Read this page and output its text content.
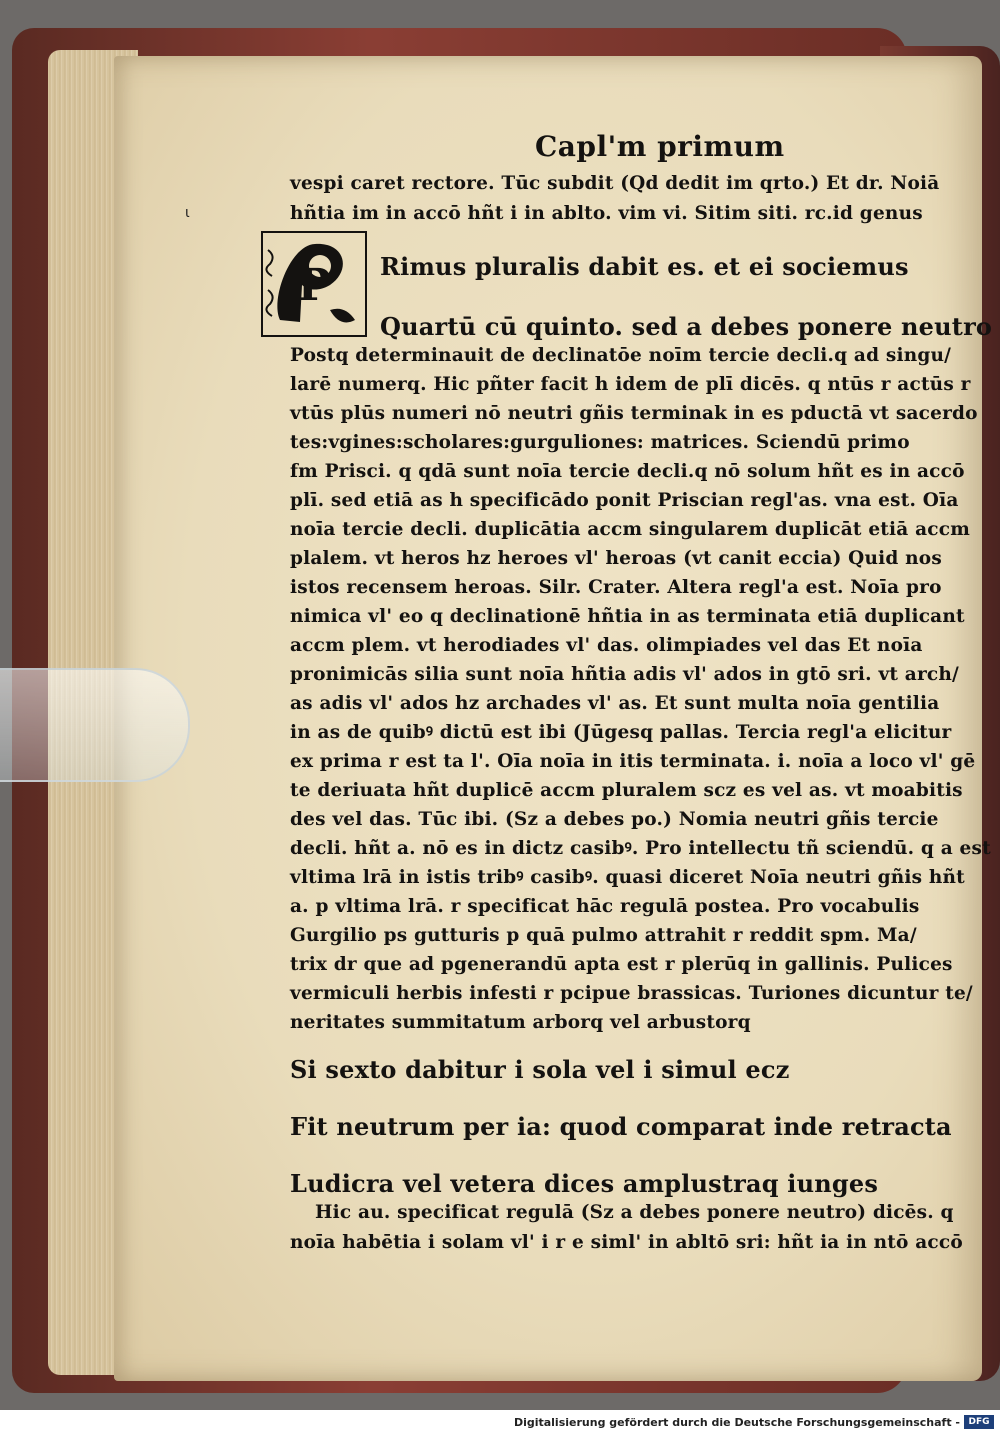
ɩ
Capl'm primum
P
vespi caret rectore. Tūc subdit (Qd dedit im qrto.) Et dr. Noiā
hñtia im in accō hñt i in ablto. vim vi. Sitim siti. rc.id genus
Rimus pluralis dabit es. et ei sociemus
Quartū cū quinto. sed a debes ponere neutro
Postq determinauit de declinatōe noīm tercie decli.q ad singu/
larē numerq. Hic pñter facit h idem de plī dicēs. q ntūs r actūs r
vtūs plūs numeri nō neutri gñis terminak in es pductā vt sacerdo
tes:vgines:scholares:gurguliones: matrices. Sciendū primo
fm Prisci. q qdā sunt noīa tercie decli.q nō solum hñt es in accō
plī. sed etiā as h specificādo ponit Priscian regl'as. vna est. Oīa
noīa tercie decli. duplicātia accm singularem duplicāt etiā accm
plalem. vt heros hz heroes vl' heroas (vt canit eccia) Quid nos
istos recensem heroas. Silr. Crater. Altera regl'a est. Noīa pro
nimica vl' eo q declinationē hñtia in as terminata etiā duplicant
accm plem. vt herodiades vl' das. olimpiades vel das Et noīa
pronimicās silia sunt noīa hñtia adis vl' ados in gtō sri. vt arch/
as adis vl' ados hz archades vl' as. Et sunt multa noīa gentilia
in as de quibꝰ dictū est ibi (Jūgesq pallas. Tercia regl'a elicitur
ex prima r est ta l'. Oīa noīa in itis terminata. i. noīa a loco vl' gē
te deriuata hñt duplicē accm pluralem scz es vel as. vt moabitis
des vel das. Tūc ibi. (Sz a debes po.) Nomia neutri gñis tercie
decli. hñt a. nō es in dictz casibꝰ. Pro intellectu tñ sciendū. q a est
vltima lrā in istis tribꝰ casibꝰ. quasi diceret Noīa neutri gñis hñt
a. p vltima lrā. r specificat hāc regulā postea. Pro vocabulis
Gurgilio ps gutturis p quā pulmo attrahit r reddit spm. Ma/
trix dr que ad pgenerandū apta est r plerūq in gallinis. Pulices
vermiculi herbis infesti r pcipue brassicas. Turiones dicuntur te/
neritates summitatum arborq vel arbustorq
Si sexto dabitur i sola vel i simul ecz
Fit neutrum per ia: quod comparat inde retracta
Ludicra vel vetera dices amplustraq iunges
Hic au. specificat regulā (Sz a debes ponere neutro) dicēs. q
noīa habētia i solam vl' i r e siml' in abltō sri: hñt ia in ntō accō
Digitalisierung gefördert durch die Deutsche Forschungsgemeinschaft - DFG
